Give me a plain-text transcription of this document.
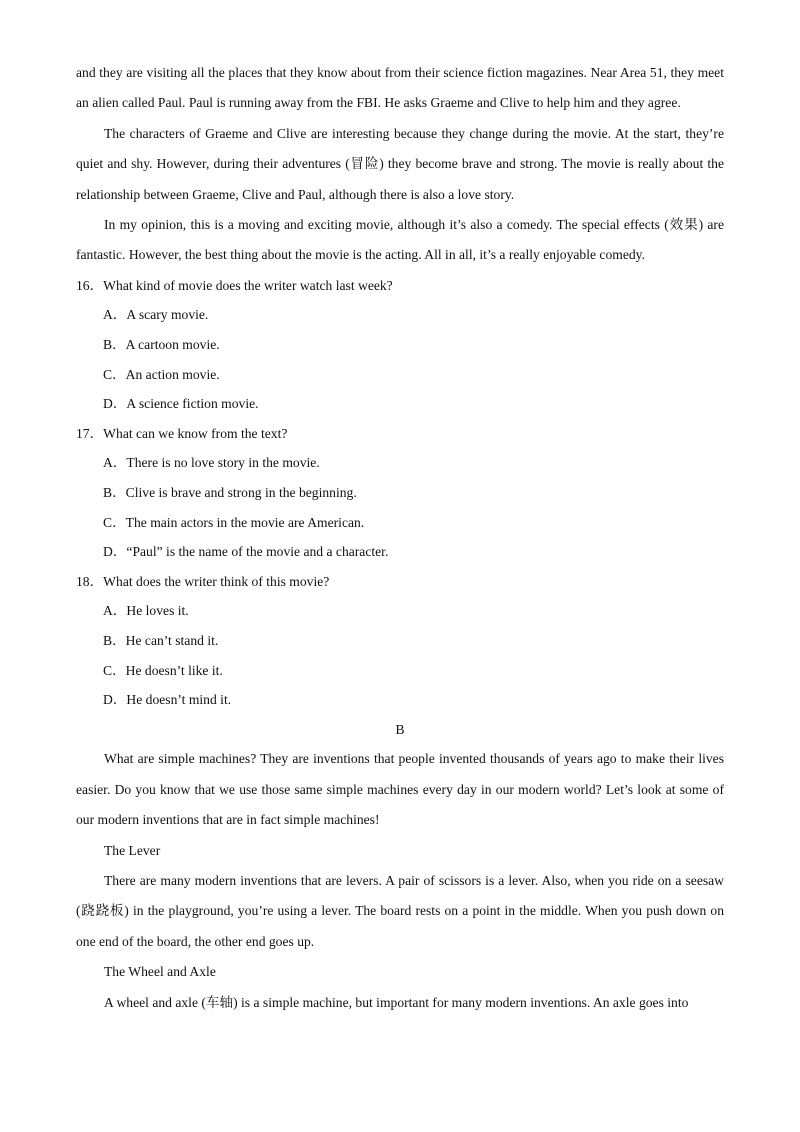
and they are visiting all the places that they know about from their science fiction magazines. Near Area 51, they meet an alien called Paul. Paul is running away from the FBI. He asks Graeme and Clive to help him and they agree.

The characters of Graeme and Clive are interesting because they change during the movie. At the start, they’re quiet and shy. However, during their adventures (冒险) they become brave and strong. The movie is really about the relationship between Graeme, Clive and Paul, although there is also a love story.

In my opinion, this is a moving and exciting movie, although it’s also a comedy. The special effects (效果) are fantastic. However, the best thing about the movie is the acting. All in all, it’s a really enjoyable comedy.

16．What kind of movie does the writer watch last week?

A．A scary movie.

B．A cartoon movie.

C．An action movie.

D．A science fiction movie.

17．What can we know from the text?

A．There is no love story in the movie.

B．Clive is brave and strong in the beginning.

C．The main actors in the movie are American.

D．“Paul” is the name of the movie and a character.

18．What does the writer think of this movie?

A．He loves it.

B．He can’t stand it.

C．He doesn’t like it.

D．He doesn’t mind it.

B

What are simple machines? They are inventions that people invented thousands of years ago to make their lives easier. Do you know that we use those same simple machines every day in our modern world? Let’s look at some of our modern inventions that are in fact simple machines!

The Lever

There are many modern inventions that are levers. A pair of scissors is a lever. Also, when you ride on a seesaw (跷跷板) in the playground, you’re using a lever. The board rests on a point in the middle. When you push down on one end of the board, the other end goes up.

The Wheel and Axle

A wheel and axle (车轴) is a simple machine, but important for many modern inventions. An axle goes into
